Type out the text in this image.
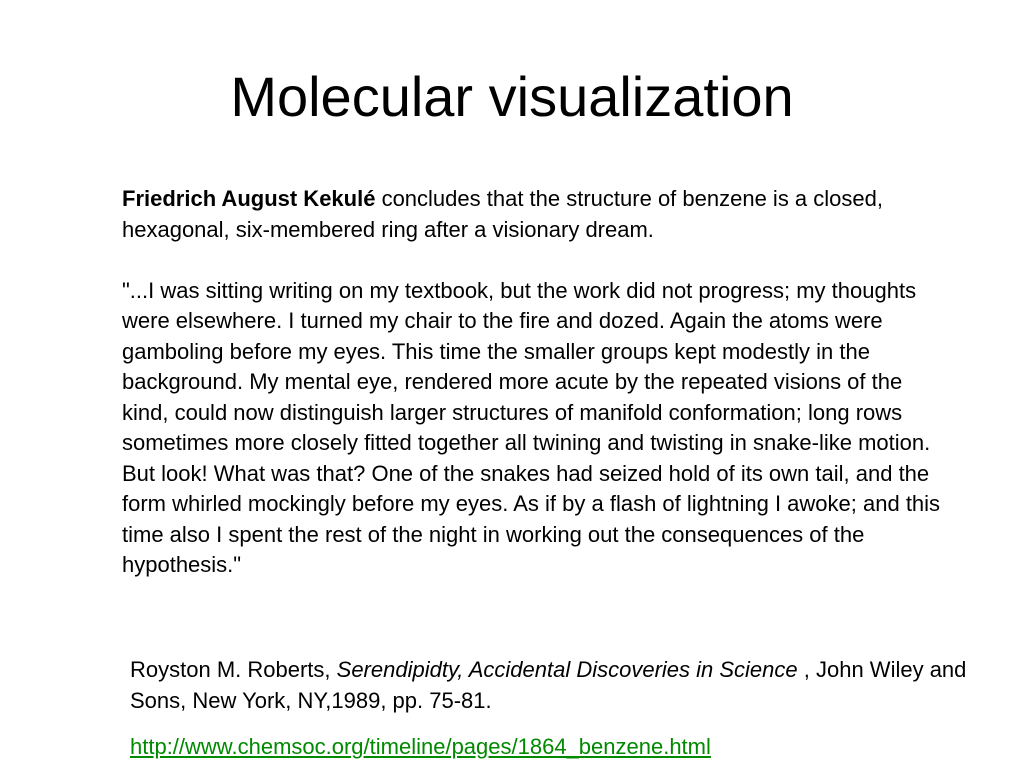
Molecular visualization

Friedrich August Kekulé concludes that the structure of benzene is a closed, hexagonal, six-membered ring after a visionary dream.

"...I was sitting writing on my textbook, but the work did not progress; my thoughts were elsewhere. I turned my chair to the fire and dozed. Again the atoms were gamboling before my eyes. This time the smaller groups kept modestly in the background. My mental eye, rendered more acute by the repeated visions of the kind, could now distinguish larger structures of manifold conformation; long rows sometimes more closely fitted together all twining and twisting in snake-like motion. But look! What was that? One of the snakes had seized hold of its own tail, and the form whirled mockingly before my eyes. As if by a flash of lightning I awoke; and this time also I spent the rest of the night in working out the consequences of the hypothesis."

Royston M. Roberts, Serendipidty, Accidental Discoveries in Science , John Wiley and Sons, New York, NY,1989, pp. 75-81.

http://www.chemsoc.org/timeline/pages/1864_benzene.html
